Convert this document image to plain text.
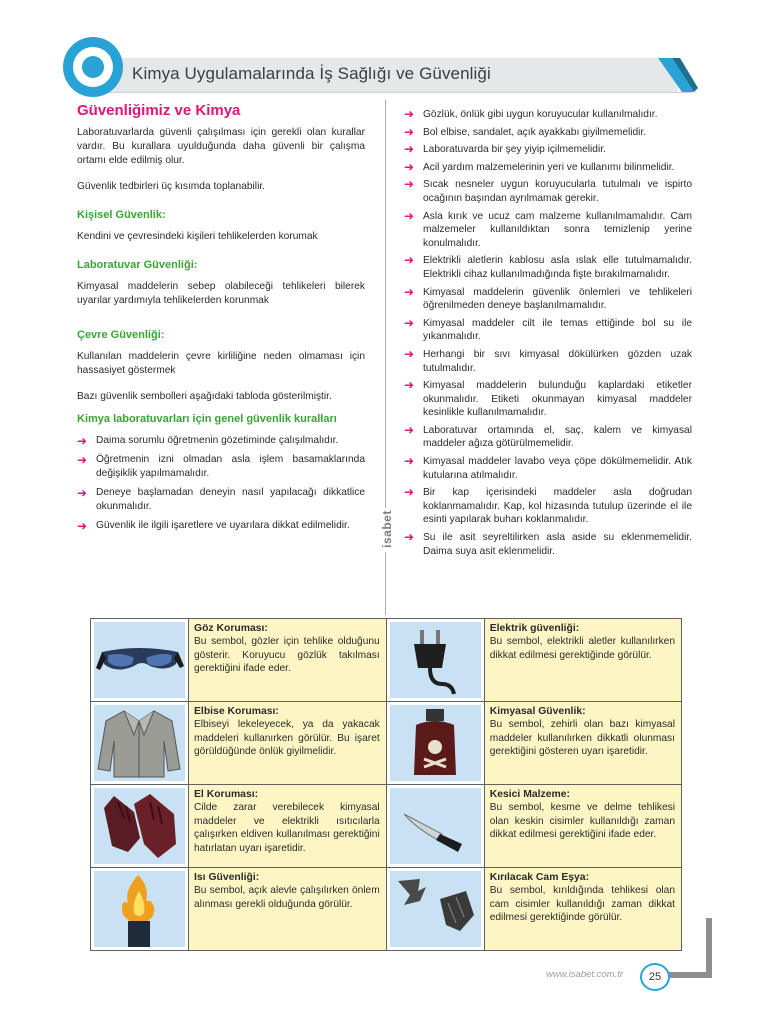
Kimya Uygulamalarında İş Sağlığı ve Güvenliği
Güvenliğimiz ve Kimya

Laboratuvarlarda güvenli çalışılması için gerekli olan kurallar vardır. Bu kurallara uyulduğunda daha güvenli bir çalışma ortamı elde edilmiş olur.

Güvenlik tedbirleri üç kısımda toplanabilir.

Kişisel Güvenlik:

Kendini ve çevresindeki kişileri tehlikelerden korumak

Laboratuvar Güvenliği:

Kimyasal maddelerin sebep olabileceği tehlikeleri bilerek uyarılar yardımıyla tehlikelerden korunmak

Çevre Güvenliği:

Kullanılan maddelerin çevre kirliliğine neden olmaması için hassasiyet göstermek

Bazı güvenlik sembolleri aşağıdaki tabloda gösterilmiştir.

Kimya laboratuvarları için genel güvenlik kuralları
➜ Daima sorumlu öğretmenin gözetiminde çalışılmalıdır.
➜ Öğretmenin izni olmadan asla işlem basamaklarında değişiklik yapılmamalıdır.
➜ Deneye başlamadan deneyin nasıl yapılacağı dikkatlice okunmalıdır.
➜ Güvenlik ile ilgili işaretlere ve uyarılara dikkat edilmelidir.	isabet
➜ Gözlük, önlük gibi uygun koruyucular kullanılmalıdır.
➜ Bol elbise, sandalet, açık ayakkabı giyilmemelidir.
➜ Laboratuvarda bir şey yiyip içilmemelidir.
➜ Acil yardım malzemelerinin yeri ve kullanımı bilinmelidir.
➜ Sıcak nesneler uygun koruyucularla tutulmalı ve ispirto ocağının başından ayrılmamak gerekir.
➜ Asla kırık ve ucuz cam malzeme kullanılmamalıdır. Cam malzemeler kullanıldıktan sonra temizlenip yerine konulmalıdır.
➜ Elektrikli aletlerin kablosu asla ıslak elle tutulmamalıdır. Elektrikli cihaz kullanılmadığında fişte bırakılmamalıdır.
➜ Kimyasal maddelerin güvenlik önlemleri ve tehlikeleri öğrenilmeden deneye başlanılmamalıdır.
➜ Kimyasal maddeler cilt ile temas ettiğinde bol su ile yıkanmalıdır.
➜ Herhangi bir sıvı kimyasal dökülürken gözden uzak tutulmalıdır.
➜ Kimyasal maddelerin bulunduğu kaplardaki etiketler okunmalıdır. Etiketi okunmayan kimyasal maddeler kesinlikle kullanılmamalıdır.
➜ Laboratuvar ortamında el, saç, kalem ve kimyasal maddeler ağıza götürülmemelidir.
➜ Kimyasal maddeler lavabo veya çöpe dökülmemelidir. Atık kutularına atılmalıdır.
➜ Bir kap içerisindeki maddeler asla doğrudan koklanmamalıdır. Kap, kol hizasında tutulup üzerinde el ile esinti yapılarak buharı koklanmalıdır.
➜ Su ile asit seyreltilirken asla aside su eklenmemelidir. Daima suya asit eklenmelidir.

Göz Koruması:
Bu sembol, gözler için tehlike olduğunu gösterir. Koruyucu gözlük takılması gerektiğini ifade eder.		Elektrik güvenliği:
Bu sembol, elektrikli aletler kullanılırken dikkat edilmesi gerektiğinde görülür.

Elbise Koruması:
Elbiseyi lekeleyecek, ya da yakacak maddeleri kullanırken görülür. Bu işaret görüldüğünde önlük giyilmelidir.		Kimyasal Güvenlik:
Bu sembol, zehirli olan bazı kimyasal maddeler kullanılırken dikkatli olunması gerektiğini gösteren uyarı işaretidir.

El Koruması:
Cilde zarar verebilecek kimyasal maddeler ve elektrikli ısıtıcılarla çalışırken eldiven kullanılması gerektiğini hatırlatan uyarı işaretidir.		Kesici Malzeme:
Bu sembol, kesme ve delme tehlikesi olan keskin cisimler kullanıldığı zaman dikkat edilmesi gerektiğini ifade eder.

Isı Güvenliği:
Bu sembol, açık alevle çalışılırken önlem alınması gerekli olduğunda görülür.		Kırılacak Cam Eşya:
Bu sembol, kırıldığında tehlikesi olan cam cisimler kullanıldığı zaman dikkat edilmesi gerektiğinde görülür.
www.isabet.com.tr	25
